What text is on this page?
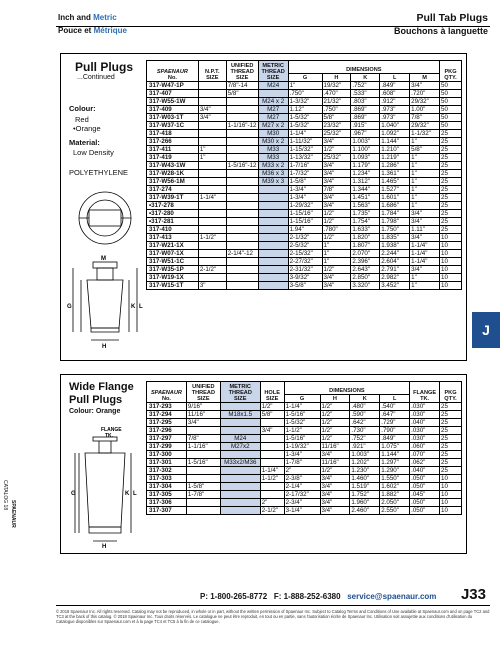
Inch and Metric
Pouce et Métrique
Pull Tab Plugs
Bouchons à languette
Pull Plugs
...Continued
Colour:
Red
•Orange
Material:
Low Density
POLYETHYLENE
M
G	K L
H
SPAENAUR
No.	N.P.T.
SIZE	UNIFIED
THREAD
SIZE	METRIC
THREAD
SIZE	DIMENSIONS					PKG
QTY.
				G	H	K	L	M	
317-W47-1P		7/8"-14	M24	1"	19/32"	.752"	.849"	3/4"	50
317-407		5/8"		.750"	.470"	.533"	.608"	.720"	50
317-W55-1W			M24 x 2	1-3/32"	21/32"	.803"	.912"	29/32"	50
317-409	3/4"		M27	1.12"	.750"	.869"	.973"	1.00"	50
317-W03-1T	3/4"		M27	1-5/32"	5/8"	.869"	.973"	7/8"	50
317-W37-1C		1-1/16"-12	M27 x 2	1-5/32"	23/32"	.915"	1.040"	29/32"	50
317-418			M30	1-1/4"	25/32"	.967"	1.092"	1-1/32"	25
317-266			M30 x 2	1-11/32"	3/4"	1.003"	1.144"	1"	25
317-411	1"		M33	1-15/32"	1/2"	1.100"	1.210"	5/8"	25
317-419	1"		M33	1-13/32"	25/32"	1.093"	1.219"	1"	25
317-W43-1W		1-5/16"-12	M33 x 2	1-7/16"	3/4"	1.179"	1.286"	1"	25
317-W28-1K			M36 x 3	1-7/32"	3/4"	1.234"	1.361"	1"	25
317-W56-1M			M39 x 3	1-5/8"	3/4"	1.312"	1.465"	1"	25
317-274				1-3/4"	7/8"	1.344"	1.527"	1"	25
317-W39-1T	1-1/4"			1-3/4"	3/4"	1.451"	1.601"	1"	25
•317-278				1-29/32"	3/4"	1.563"	1.686"	1"	25
•317-280				1-15/16"	1/2"	1.735"	1.784"	3/4"	25
•317-281				1-15/16"	1/2"	1.754"	1.798"	3/4"	25
317-410				1.94"	.780"	1.633"	1.750"	1.11"	25
317-413	1-1/2"			2-1/32"	1/2"	1.820"	1.835"	3/4"	10
317-W21-1X				2-5/32"	1"	1.807"	1.938"	1-1/4"	10
317-W07-1X		2-1/4"-12		2-15/32"	1"	2.070"	2.244"	1-1/4"	10
317-W51-1C				2-27/32"	1"	2.396"	2.604"	1-1/4"	10
317-W35-1P	2-1/2"			2-31/32"	1/2"	2.643"	2.791"	3/4"	10
317-W19-1X				3-9/32"	3/4"	2.850"	2.982"	1"	10
317-W15-1T	3"			3-5/8"	3/4"	3.320"	3.452"	1"	10
J
Wide Flange
Pull Plugs
Colour: Orange
FLANGE
TK.
G	K L
H
SPAENAUR
No.	UNIFIED
THREAD
SIZE	METRIC
THREAD
SIZE	HOLE
SIZE	DIMENSIONS				FLANGE
TK.	PKG
QTY.
				G	H	K	L		
317-293	9/16"		1/2"	1-1/4"	1/2"	.480"	.540"	.030"	25
317-294	11/16"	M18x1.5	5/8"	1-5/16"	1/2"	.590"	.647"	.030"	25
317-295	3/4"			1-5/32"	1/2"	.642"	.729"	.040"	25
317-296			3/4"	1-1/2"	1/2"	.730"	.790"	.030"	25
317-297	7/8"	M24		1-5/16"	1/2"	.752"	.849"	.030"	25
317-299	1-1/16"	M27x2		1-19/32"	11/16"	.921"	1.075"	.060"	25
317-300				1-3/4"	3/4"	1.003"	1.144"	.070"	25
317-301	1-5/16"	M33x2/M36		1-7/8"	11/16"	1.202"	1.297"	.062"	25
317-302			1-1/4"	2"	1/2"	1.230"	1.290"	.040"	25
317-303			1-1/2"	2-3/8"	3/4"	1.460"	1.550"	.050"	10
317-304	1-5/8"			2-1/4"	3/4"	1.519"	1.602"	.050"	10
317-305	1-7/8"			2-17/32"	3/4"	1.752"	1.882"	.045"	10
317-306			2"	2-3/4"	3/4"	1.960"	2.050"	.050"	10
317-307			2-1/2"	3-1/4"	3/4"	2.460"	2.550"	.050"	10
CATALOG 18
SPAENAUR
P: 1-800-265-8772 F: 1-888-252-6380 service@spaenaur.com J33
© 2018 Spaenaur Inc. All rights reserved. Catalog may not be reproduced, in whole or in part, without the written permission of Spaenaur Inc. Subject to Catalog Terms and Conditions of Use available at Spaenaur.com and on page TC2 and TC3 at the back of this catalog. © 2018 Spaenaur Inc. Tous droits réservés. Le catalogue ne peut être reproduit, en tout ou en partie, sans l'autorisation écrite de Spaenaur Inc. Utilisation soit assujettie aux conditions d'utilisation du Catalogue disponibles sur Spaenaur.com et à la page TC4 et TC5 à la fin de ce catalogue.
